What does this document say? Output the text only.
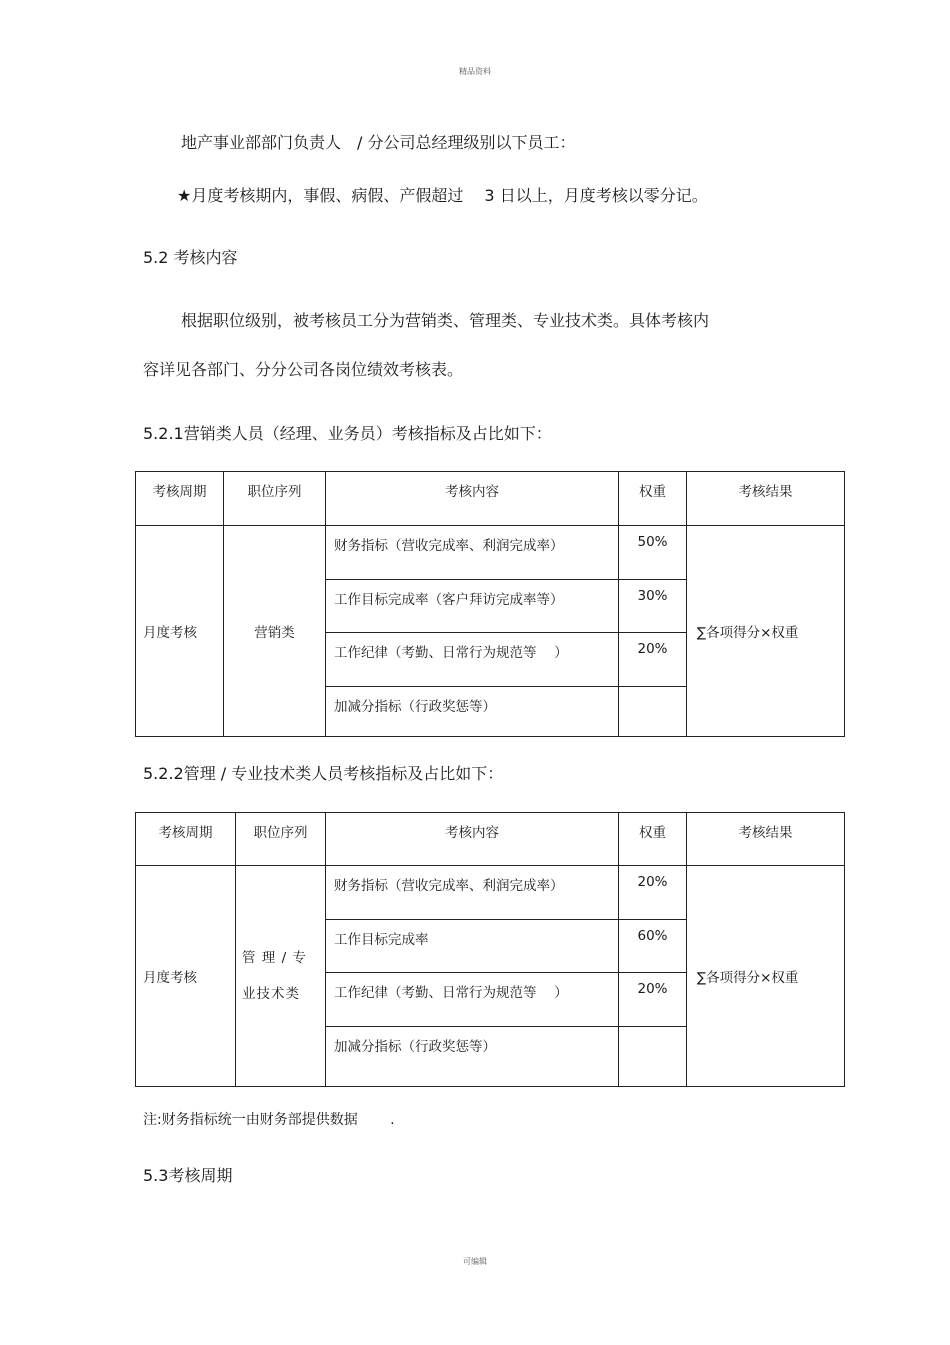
精品资料
地产事业部部门负责人　/ 分公司总经理级别以下员工：
★月度考核期内，事假、病假、产假超过　 3 日以上，月度考核以零分记。
5.2 考核内容
根据职位级别，被考核员工分为营销类、管理类、专业技术类。具体考核内
容详见各部门、分分公司各岗位绩效考核表。
5.2.1营销类人员（经理、业务员）考核指标及占比如下：
考核周期	职位序列	考核内容	权重	考核结果
月度考核	营销类	财务指标（营收完成率、利润完成率）	50%	∑各项得分×权重
		工作目标完成率（客户拜访完成率等）	30%	
		工作纪律（考勤、日常行为规范等　 ）	20%	
		加减分指标（行政奖惩等）		
5.2.2管理 / 专业技术类人员考核指标及占比如下：
考核周期	职位序列	考核内容	权重	考核结果
月度考核	管 理 / 专 业技术类	财务指标（营收完成率、利润完成率）	20%	∑各项得分×权重
		工作目标完成率	60%	
		工作纪律（考勤、日常行为规范等　 ）	20%	
		加减分指标（行政奖惩等）		
注:财务指标统一由财务部提供数据　　 .
5.3考核周期
可编辑
